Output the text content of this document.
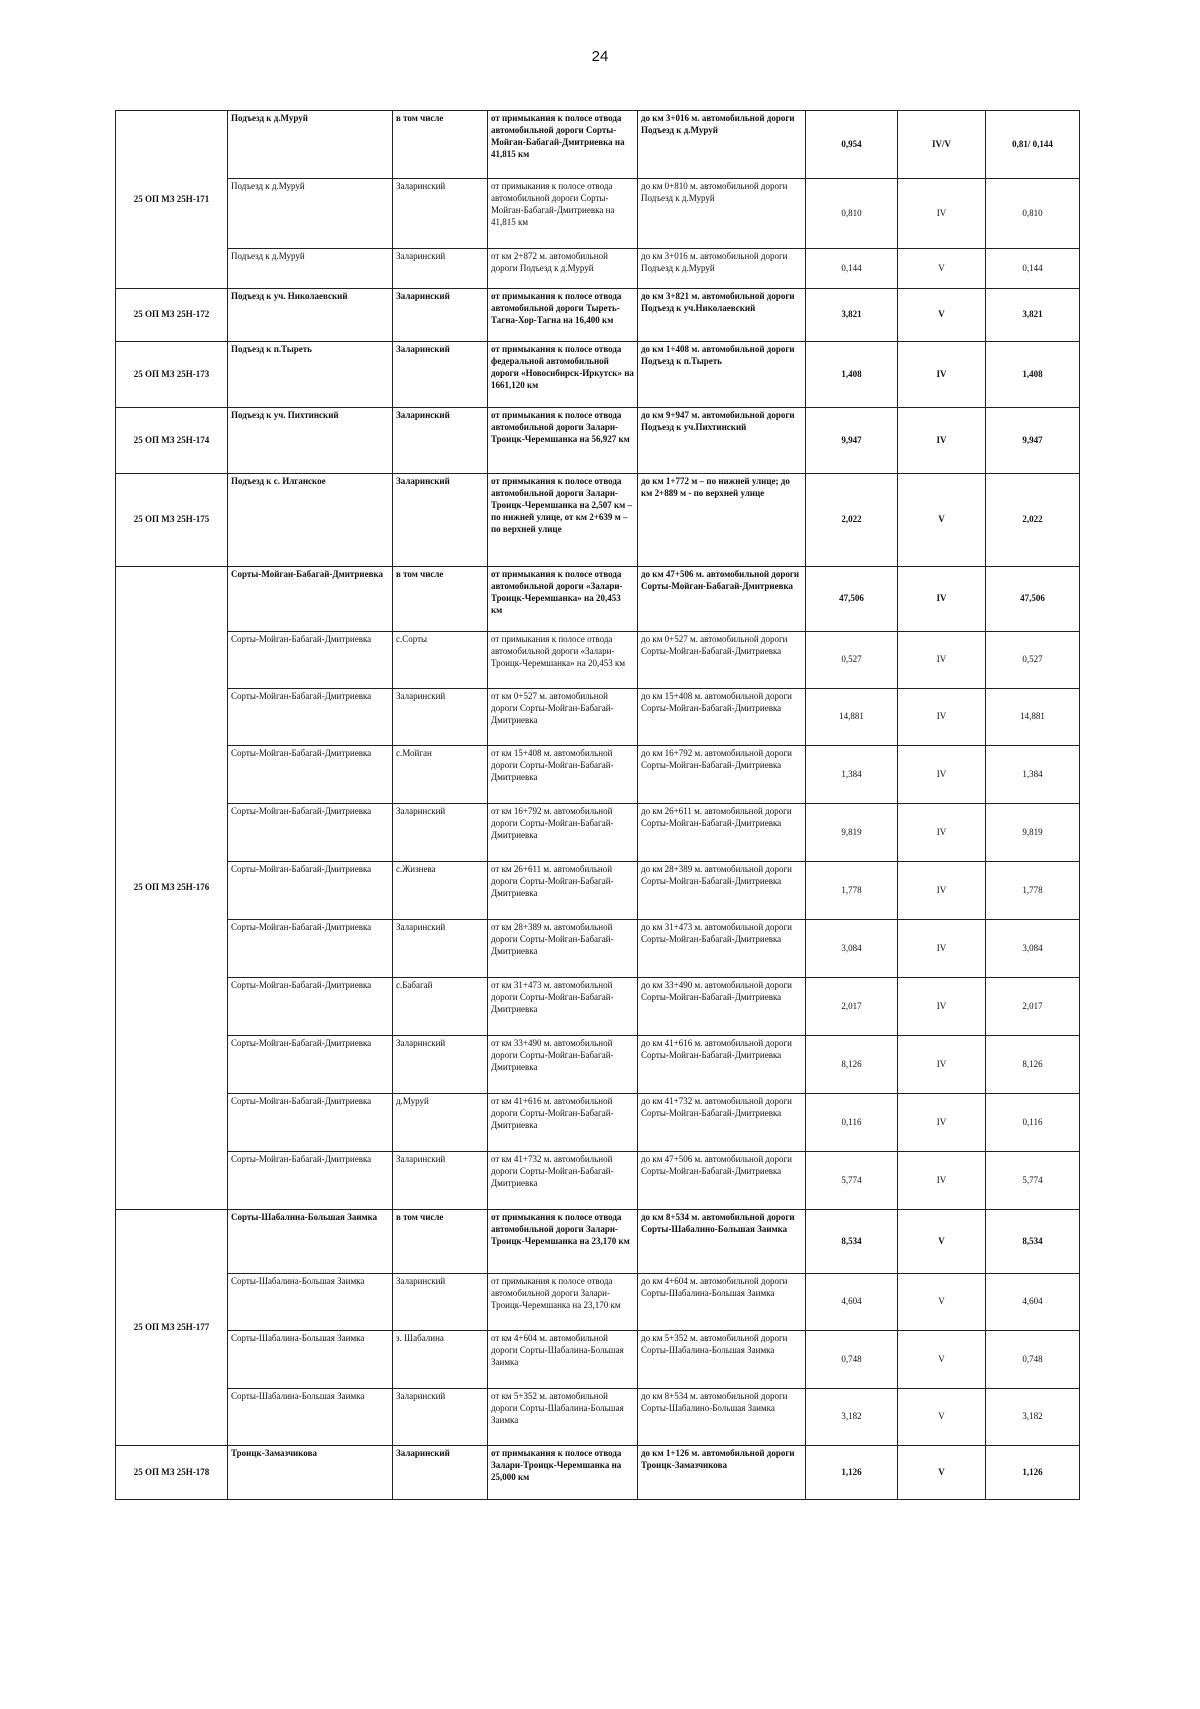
24
25 ОП МЗ 25Н-171	Подъезд к д.Муруй	в том числе	от примыкания к полосе отвода автомобильной дороги Сорты-Мойган-Бабагай-Дмитриевка на 41,815 км	до км 3+016 м. автомобильной дороги Подъезд к д.Муруй	0,954	IV/V	0,81/ 0,144
	Подъезд к д.Муруй	Заларинский	от примыкания к полосе отвода автомобильной дороги Сорты-Мойган-Бабагай-Дмитриевка на 41,815 км	до км 0+810 м. автомобильной дороги Подъезд к д.Муруй	0,810	IV	0,810
	Подъезд к д.Муруй	Заларинский	от км 2+872 м. автомобильной дороги Подъезд к д.Муруй	до км 3+016 м. автомобильной дороги Подъезд к д.Муруй	0,144	V	0,144
25 ОП МЗ 25Н-172	Подъезд к уч. Николаевский	Заларинский	от примыкания к полосе отвода автомобильной дороги Тыреть-Тагна-Хор-Тагна на 16,400 км	до км 3+821 м. автомобильной дороги Подъезд к уч.Николаевский	3,821	V	3,821
25 ОП МЗ 25Н-173	Подъезд к п.Тыреть	Заларинский	от примыкания к полосе отвода федеральной автомобильной дороги «Новосибирск-Иркутск» на 1661,120 км	до км 1+408 м. автомобильной дороги Подъезд к п.Тыреть	1,408	IV	1,408
25 ОП МЗ 25Н-174	Подъезд к уч. Пихтинский	Заларинский	от примыкания к полосе отвода автомобильной дороги Залари-Троицк-Черемшанка на 56,927 км	до км 9+947 м. автомобильной дороги Подъезд к уч.Пихтинский	9,947	IV	9,947
25 ОП МЗ 25Н-175	Подъезд к с. Илганское	Заларинский	от примыкания к полосе отвода автомобильной дороги Залари-Троицк-Черемшанка на 2,507 км – по нижней улице, от км 2+639 м – по верхней улице	до км 1+772 м – по нижней улице; до км 2+889 м - по верхней улице	2,022	V	2,022
25 ОП МЗ 25Н-176	Сорты-Мойган-Бабагай-Дмитриевка	в том числе	от примыкания к полосе отвода автомобильной дороги «Залари-Троицк-Черемшанка» на 20,453 км	до км 47+506 м. автомобильной дороги Сорты-Мойган-Бабагай-Дмитриевка	47,506	IV	47,506
	Сорты-Мойган-Бабагай-Дмитриевка	с.Сорты	от примыкания к полосе отвода автомобильной дороги «Залари-Троицк-Черемшанка» на 20,453 км	до км 0+527 м. автомобильной дороги Сорты-Мойган-Бабагай-Дмитриевка	0,527	IV	0,527
	Сорты-Мойган-Бабагай-Дмитриевка	Заларинский	от км 0+527 м. автомобильной дороги Сорты-Мойган-Бабагай-Дмитриевка	до км 15+408 м. автомобильной дороги Сорты-Мойган-Бабагай-Дмитриевка	14,881	IV	14,881
	Сорты-Мойган-Бабагай-Дмитриевка	с.Мойган	от км 15+408 м. автомобильной дороги Сорты-Мойган-Бабагай-Дмитриевка	до км 16+792 м. автомобильной дороги Сорты-Мойган-Бабагай-Дмитриевка	1,384	IV	1,384
	Сорты-Мойган-Бабагай-Дмитриевка	Заларинский	от км 16+792 м. автомобильной дороги Сорты-Мойган-Бабагай-Дмитриевка	до км 26+611 м. автомобильной дороги Сорты-Мойган-Бабагай-Дмитриевка	9,819	IV	9,819
	Сорты-Мойган-Бабагай-Дмитриевка	с.Жизнева	от км 26+611 м. автомобильной дороги Сорты-Мойган-Бабагай-Дмитриевка	до км 28+389 м. автомобильной дороги Сорты-Мойган-Бабагай-Дмитриевка	1,778	IV	1,778
	Сорты-Мойган-Бабагай-Дмитриевка	Заларинский	от км 28+389 м. автомобильной дороги Сорты-Мойган-Бабагай-Дмитриевка	до км 31+473 м. автомобильной дороги Сорты-Мойган-Бабагай-Дмитриевка	3,084	IV	3,084
	Сорты-Мойган-Бабагай-Дмитриевка	с.Бабагай	от км 31+473 м. автомобильной дороги Сорты-Мойган-Бабагай-Дмитриевка	до км 33+490 м. автомобильной дороги Сорты-Мойган-Бабагай-Дмитриевка	2,017	IV	2,017
	Сорты-Мойган-Бабагай-Дмитриевка	Заларинский	от км 33+490 м. автомобильной дороги Сорты-Мойган-Бабагай-Дмитриевка	до км 41+616 м. автомобильной дороги Сорты-Мойган-Бабагай-Дмитриевка	8,126	IV	8,126
	Сорты-Мойган-Бабагай-Дмитриевка	д.Муруй	от км 41+616 м. автомобильной дороги Сорты-Мойган-Бабагай-Дмитриевка	до км 41+732 м. автомобильной дороги Сорты-Мойган-Бабагай-Дмитриевка	0,116	IV	0,116
	Сорты-Мойган-Бабагай-Дмитриевка	Заларинский	от км 41+732 м. автомобильной дороги Сорты-Мойган-Бабагай-Дмитриевка	до км 47+506 м. автомобильной дороги Сорты-Мойган-Бабагай-Дмитриевка	5,774	IV	5,774
25 ОП МЗ 25Н-177	Сорты-Шабалина-Большая Заимка	в том числе	от примыкания к полосе отвода автомобильной дороги Залари-Троицк-Черемшанка на 23,170 км	до км 8+534 м. автомобильной дороги Сорты-Шабалино-Большая Заимка	8,534	V	8,534
	Сорты-Шабалина-Большая Заимка	Заларинский	от примыкания к полосе отвода автомобильной дороги Залари-Троицк-Черемшанка на 23,170 км	до км 4+604 м. автомобильной дороги Сорты-Шабалина-Большая Заимка	4,604	V	4,604
	Сорты-Шабалина-Большая Заимка	з. Шабалина	от км 4+604 м. автомобильной дороги Сорты-Шабалина-Большая Заимка	до км 5+352 м. автомобильной дороги Сорты-Шабалина-Большая Заимка	0,748	V	0,748
	Сорты-Шабалина-Большая Заимка	Заларинский	от км 5+352 м. автомобильной дороги Сорты-Шабалина-Большая Заимка	до км 8+534 м. автомобильной дороги Сорты-Шабалино-Большая Заимка	3,182	V	3,182
25 ОП МЗ 25Н-178	Троицк-Замазчикова	Заларинский	от примыкания к полосе отвода Залари-Троицк-Черемшанка на 25,000 км	до км 1+126 м. автомобильной дороги Троицк-Замазчикова	1,126	V	1,126
